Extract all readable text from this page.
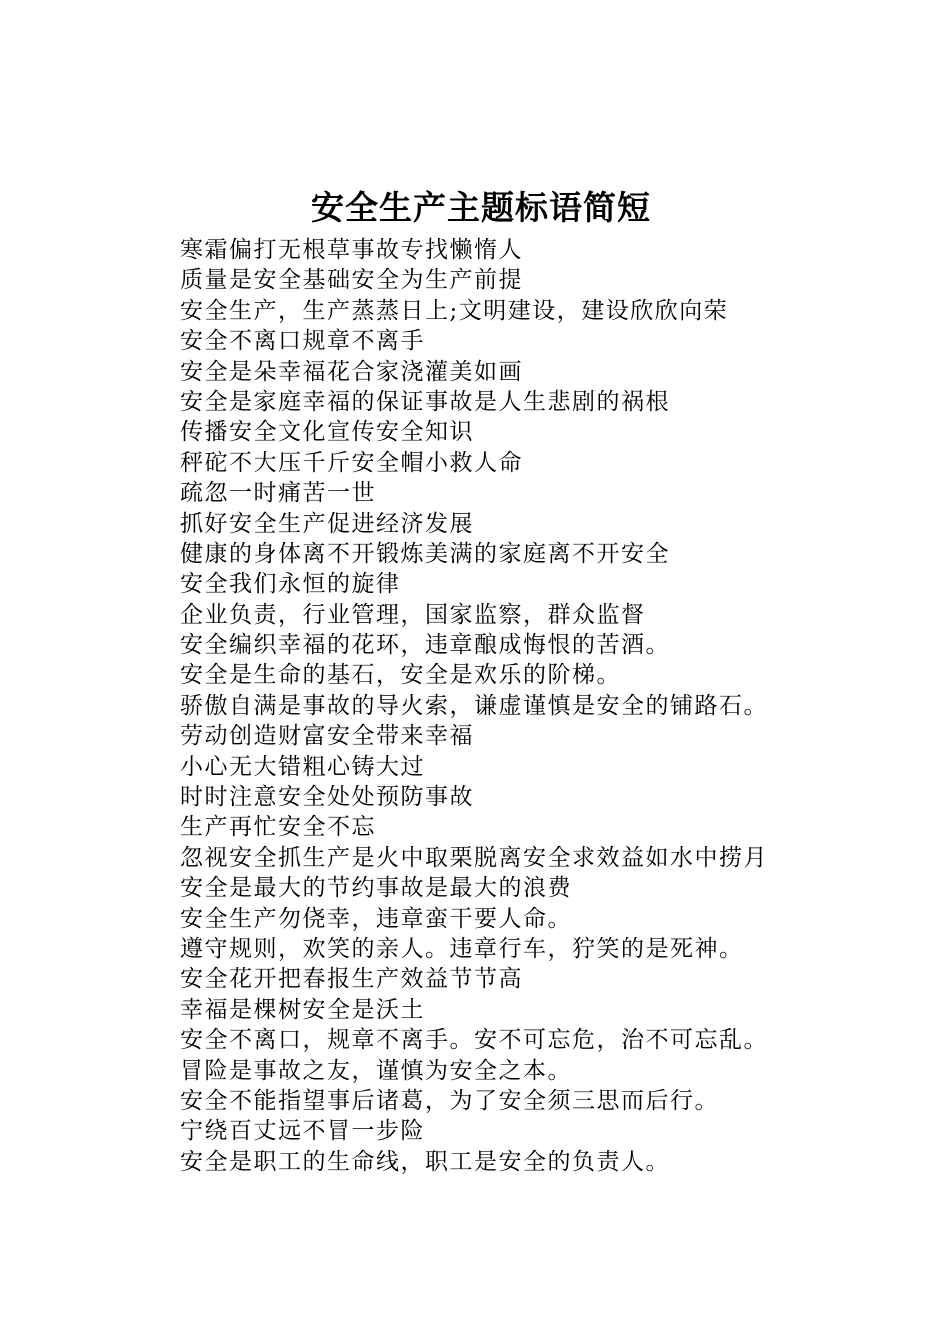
安全生产主题标语简短
寒霜偏打无根草事故专找懒惰人
质量是安全基础安全为生产前提
安全生产，生产蒸蒸日上;文明建设，建设欣欣向荣
安全不离口规章不离手
安全是朵幸福花合家浇灌美如画
安全是家庭幸福的保证事故是人生悲剧的祸根
传播安全文化宣传安全知识
秤砣不大压千斤安全帽小救人命
疏忽一时痛苦一世
抓好安全生产促进经济发展
健康的身体离不开锻炼美满的家庭离不开安全
安全我们永恒的旋律
企业负责，行业管理，国家监察，群众监督
安全编织幸福的花环，违章酿成悔恨的苦酒。
安全是生命的基石，安全是欢乐的阶梯。
骄傲自满是事故的导火索，谦虚谨慎是安全的铺路石。
劳动创造财富安全带来幸福
小心无大错粗心铸大过
时时注意安全处处预防事故
生产再忙安全不忘
忽视安全抓生产是火中取栗脱离安全求效益如水中捞月
安全是最大的节约事故是最大的浪费
安全生产勿侥幸，违章蛮干要人命。
遵守规则，欢笑的亲人。违章行车，狞笑的是死神。
安全花开把春报生产效益节节高
幸福是棵树安全是沃土
安全不离口，规章不离手。安不可忘危，治不可忘乱。
冒险是事故之友，谨慎为安全之本。
安全不能指望事后诸葛，为了安全须三思而后行。
宁绕百丈远不冒一步险
安全是职工的生命线，职工是安全的负责人。
